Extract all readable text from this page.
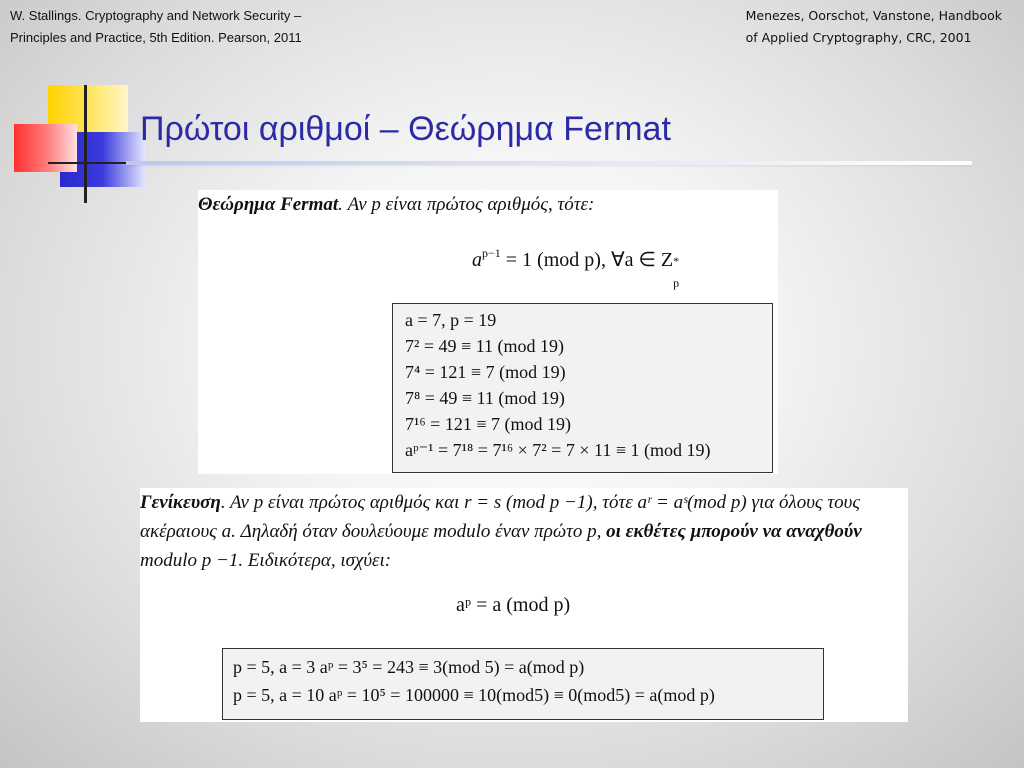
W. Stallings. Cryptography and Network Security –
Principles and Practice, 5th Edition. Pearson, 2011
Menezes, Oorschot, Vanstone, Handbook
of Applied Cryptography, CRC, 2001
Πρώτοι αριθμοί – Θεώρημα Fermat
Θεώρημα Fermat. Αν p είναι πρώτος αριθμός, τότε:
$a^{p-1} = 1$ (mod p), ∀a ∈ Z *
p
a = 7, p = 19
7² = 49 ≡ 11 (mod 19)
7⁴ = 121 ≡ 7 (mod 19)
7⁸ = 49 ≡ 11 (mod 19)
7¹⁶ = 121 ≡ 7 (mod 19)
aᵖ⁻¹ = 7¹⁸ = 7¹⁶ × 7² = 7 × 11 ≡ 1 (mod 19)
Γενίκευση. Αν p είναι πρώτος αριθμός και r = s (mod p −1), τότε aʳ = aˢ(mod p) για όλους τους ακέραιους a. Δηλαδή όταν δουλεύουμε modulo έναν πρώτο p, οι εκθέτες μπορούν να αναχθούν modulo p −1. Ειδικότερα, ισχύει:
aᵖ = a (mod p)
p = 5, a = 3 aᵖ = 3⁵ = 243 ≡ 3(mod 5) = a(mod p)
p = 5, a = 10 aᵖ = 10⁵ = 100000 ≡ 10(mod5) ≡ 0(mod5) = a(mod p)
